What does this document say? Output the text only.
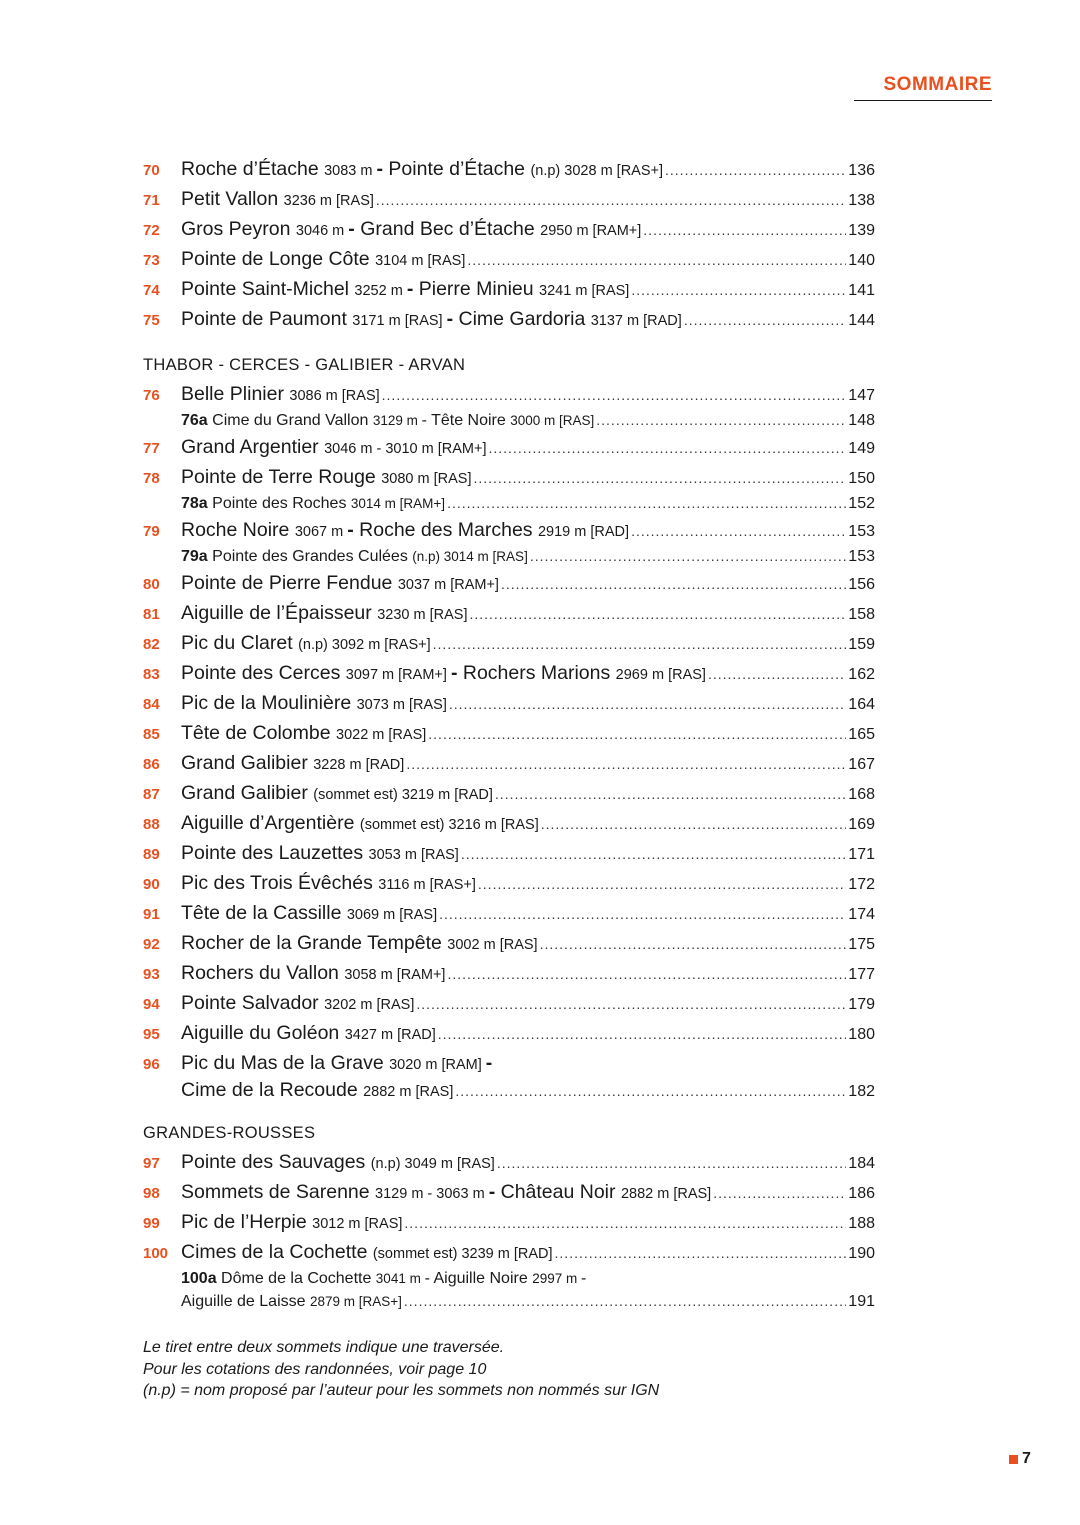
SOMMAIRE
70	Roche d’Étache 3083 m - Pointe d’Étache (n.p) 3028 m [RAS+] .....	136
71	Petit Vallon 3236 m [RAS] .....	138
72	Gros Peyron 3046 m - Grand Bec d’Étache 2950 m [RAM+] .....	139
73	Pointe de Longe Côte 3104 m [RAS] .....	140
74	Pointe Saint-Michel 3252 m - Pierre Minieu 3241 m [RAS] .....	141
75	Pointe de Paumont 3171 m [RAS] - Cime Gardoria 3137 m [RAD] .....	144
THABOR - CERCES - GALIBIER - ARVAN
76	Belle Plinier 3086 m [RAS] .....	147
76a Cime du Grand Vallon 3129 m - Tête Noire 3000 m [RAS] .....	148
77	Grand Argentier 3046 m - 3010 m [RAM+] .....	149
78	Pointe de Terre Rouge 3080 m [RAS] .....	150
78a Pointe des Roches 3014 m [RAM+] .....	152
79	Roche Noire 3067 m - Roche des Marches 2919 m [RAD] .....	153
79a Pointe des Grandes Culées (n.p) 3014 m [RAS] .....	153
80	Pointe de Pierre Fendue 3037 m [RAM+] .....	156
81	Aiguille de l’Épaisseur 3230 m [RAS] .....	158
82	Pic du Claret (n.p) 3092 m [RAS+] .....	159
83	Pointe des Cerces 3097 m [RAM+] - Rochers Marions 2969 m [RAS] .....	162
84	Pic de la Moulinière 3073 m [RAS] .....	164
85	Tête de Colombe 3022 m [RAS] .....	165
86	Grand Galibier 3228 m [RAD] .....	167
87	Grand Galibier (sommet est) 3219 m [RAD] .....	168
88	Aiguille d’Argentière (sommet est) 3216 m [RAS] .....	169
89	Pointe des Lauzettes 3053 m [RAS] .....	171
90	Pic des Trois Évêchés 3116 m [RAS+] .....	172
91	Tête de la Cassille 3069 m [RAS] .....	174
92	Rocher de la Grande Tempête 3002 m [RAS] .....	175
93	Rochers du Vallon 3058 m [RAM+] .....	177
94	Pointe Salvador 3202 m [RAS] .....	179
95	Aiguille du Goléon 3427 m [RAD] .....	180
96	Pic du Mas de la Grave 3020 m [RAM] -
Cime de la Recoude 2882 m [RAS] .....	182
GRANDES-ROUSSES
97	Pointe des Sauvages (n.p) 3049 m [RAS] .....	184
98	Sommets de Sarenne 3129 m - 3063 m - Château Noir 2882 m [RAS] .....	186
99	Pic de l’Herpie 3012 m [RAS] .....	188
100 Cimes de la Cochette (sommet est) 3239 m [RAD] .....	190
100a Dôme de la Cochette 3041 m - Aiguille Noire 2997 m -
Aiguille de Laisse 2879 m [RAS+] .....	191
Le tiret entre deux sommets indique une traversée.
Pour les cotations des randonnées, voir page 10
(n.p) = nom proposé par l’auteur pour les sommets non nommés sur IGN
7
